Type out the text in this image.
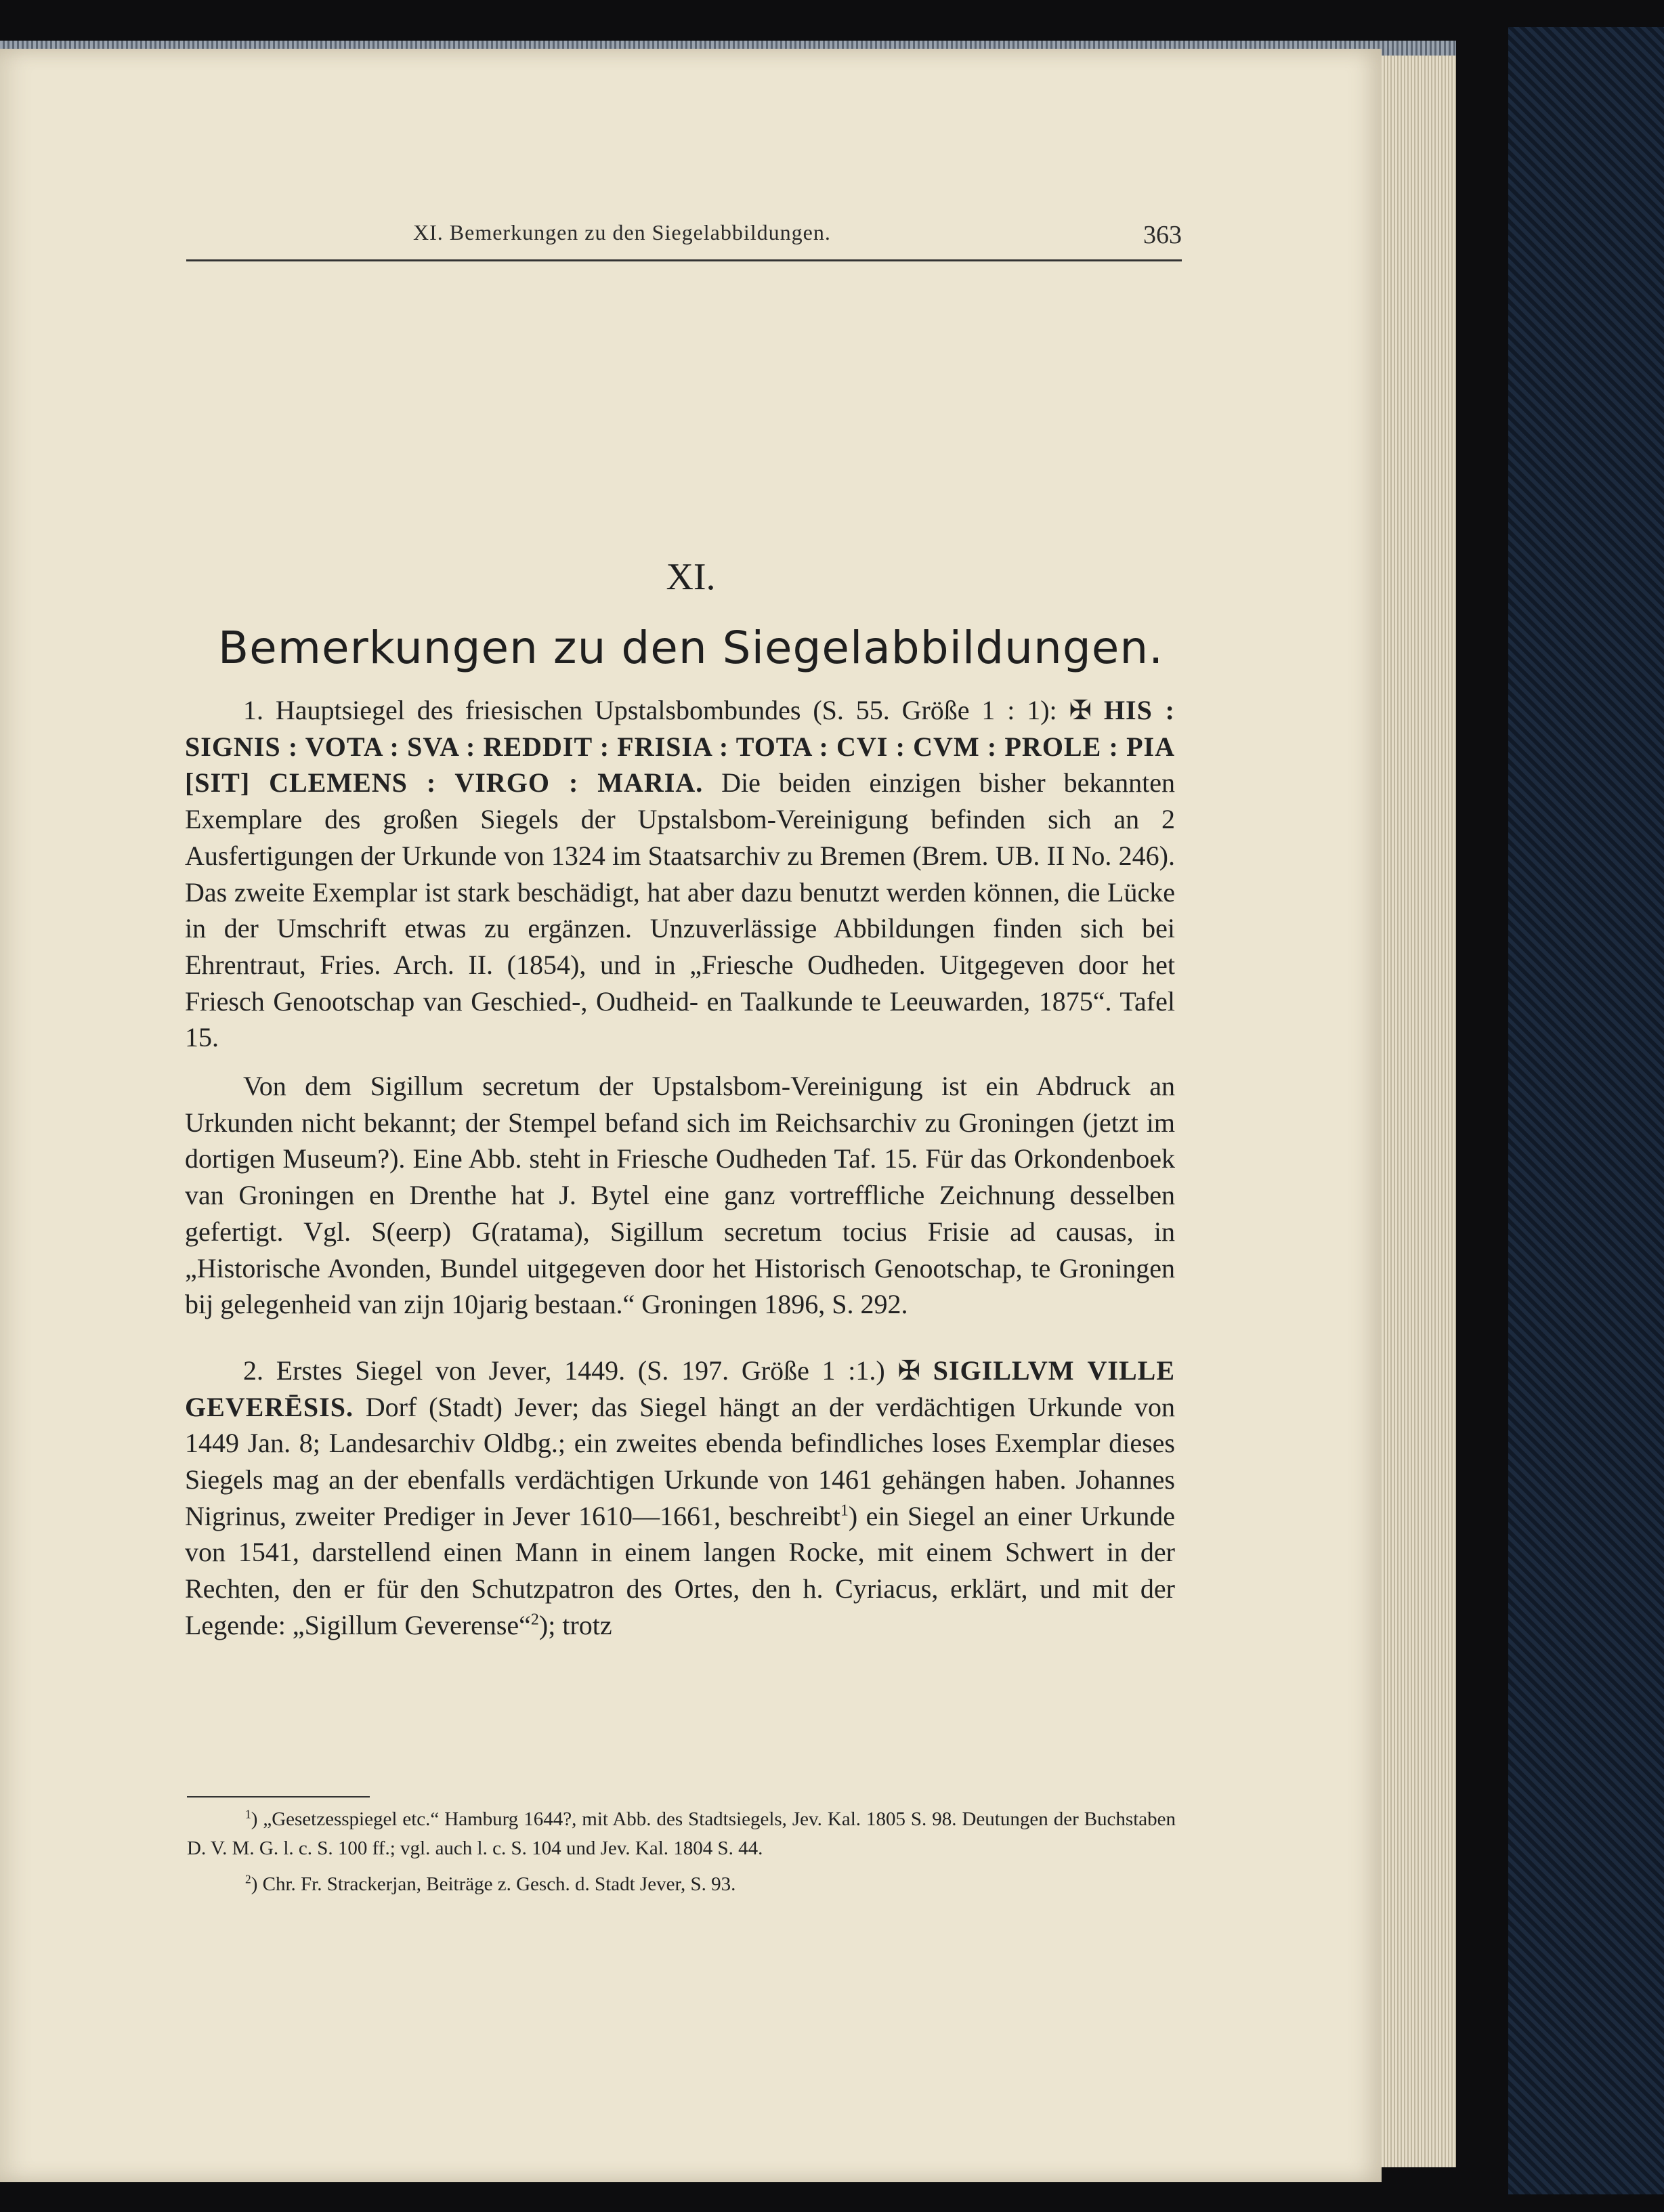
XI. Bemerkungen zu den Siegelabbildungen.	363
XI.
Bemerkungen zu den Siegelabbildungen.

1. Hauptsiegel des friesischen Upstalsbombundes (S. 55. Größe 1 : 1): ✠ HIS : SIGNIS : VOTA : SVA : REDDIT : FRISIA : TOTA : CVI : CVM : PROLE : PIA [SIT] CLEMENS : VIRGO : MARIA. Die beiden einzigen bisher bekannten Exemplare des großen Siegels der Upstalsbom-Vereinigung befinden sich an 2 Ausfertigungen der Urkunde von 1324 im Staatsarchiv zu Bremen (Brem. UB. II No. 246). Das zweite Exemplar ist stark beschädigt, hat aber dazu benutzt werden können, die Lücke in der Umschrift etwas zu ergänzen. Unzuverlässige Abbildungen finden sich bei Ehrentraut, Fries. Arch. II. (1854), und in „Friesche Oudheden. Uitgegeven door het Friesch Genootschap van Geschied-, Oudheid- en Taalkunde te Leeuwarden, 1875“. Tafel 15.

Von dem Sigillum secretum der Upstalsbom-Vereinigung ist ein Abdruck an Urkunden nicht bekannt; der Stempel befand sich im Reichsarchiv zu Groningen (jetzt im dortigen Museum?). Eine Abb. steht in Friesche Oudheden Taf. 15. Für das Orkondenboek van Groningen en Drenthe hat J. Bytel eine ganz vortreffliche Zeichnung desselben gefertigt. Vgl. S(eerp) G(ratama), Sigillum secretum tocius Frisie ad causas, in „Historische Avonden, Bundel uitgegeven door het Historisch Genootschap, te Groningen bij gelegenheid van zijn 10jarig bestaan.“ Groningen 1896, S. 292.

2. Erstes Siegel von Jever, 1449. (S. 197. Größe 1 :1.) ✠ SIGILLVM VILLE GEVERĒSIS. Dorf (Stadt) Jever; das Siegel hängt an der verdächtigen Urkunde von 1449 Jan. 8; Landesarchiv Oldbg.; ein zweites ebenda befindliches loses Exemplar dieses Siegels mag an der ebenfalls verdächtigen Urkunde von 1461 gehängen haben. Johannes Nigrinus, zweiter Prediger in Jever 1610—1661, beschreibt$^1$) ein Siegel an einer Urkunde von 1541, darstellend einen Mann in einem langen Rocke, mit einem Schwert in der Rechten, den er für den Schutzpatron des Ortes, den h. Cyriacus, erklärt, und mit der Legende: „Sigillum Geverense“$^2$); trotz

$^1$) „Gesetzesspiegel etc.“ Hamburg 1644?, mit Abb. des Stadtsiegels, Jev. Kal. 1805 S. 98. Deutungen der Buchstaben D. V. M. G. l. c. S. 100 ff.; vgl. auch l. c. S. 104 und Jev. Kal. 1804 S. 44.

$^2$) Chr. Fr. Strackerjan, Beiträge z. Gesch. d. Stadt Jever, S. 93.
